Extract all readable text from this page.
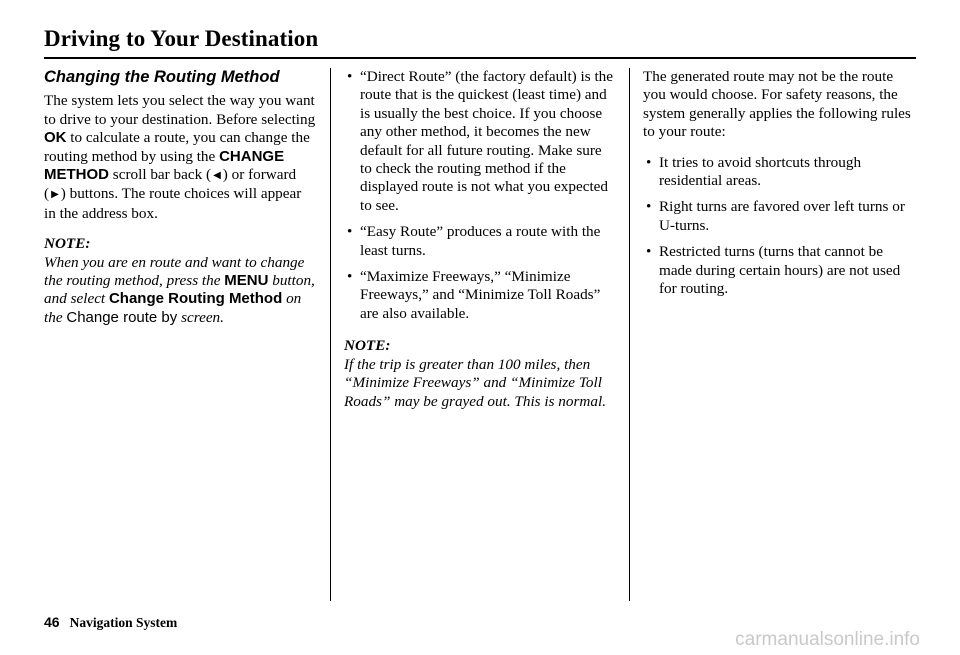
Driving to Your Destination
Changing the Routing Method

The system lets you select the way you want to drive to your destination. Before selecting OK to calculate a route, you can change the routing method by using the CHANGE METHOD scroll bar back ( ◀ ) or forward ( ▶ ) buttons. The route choices will appear in the address box.

NOTE:

When you are en route and want to change the routing method, press the MENU button, and select Change Routing Method on the Change route by screen.

• “Direct Route” (the factory default) is the route that is the quickest (least time) and is usually the best choice. If you choose any other method, it becomes the new default for all future routing. Make sure to check the routing method if the displayed route is not what you expected to see.
• “Easy Route” produces a route with the least turns.
• “Maximize Freeways,” “Minimize Freeways,” and “Minimize Toll Roads” are also available.
NOTE:

If the trip is greater than 100 miles, then “Minimize Freeways” and “Minimize Toll Roads” may be grayed out. This is normal.

The generated route may not be the route you would choose. For safety reasons, the system generally applies the following rules to your route:

• It tries to avoid shortcuts through residential areas.
• Right turns are favored over left turns or U-turns.
• Restricted turns (turns that cannot be made during certain hours) are not used for routing.
46 Navigation System
carmanualsonline.info
